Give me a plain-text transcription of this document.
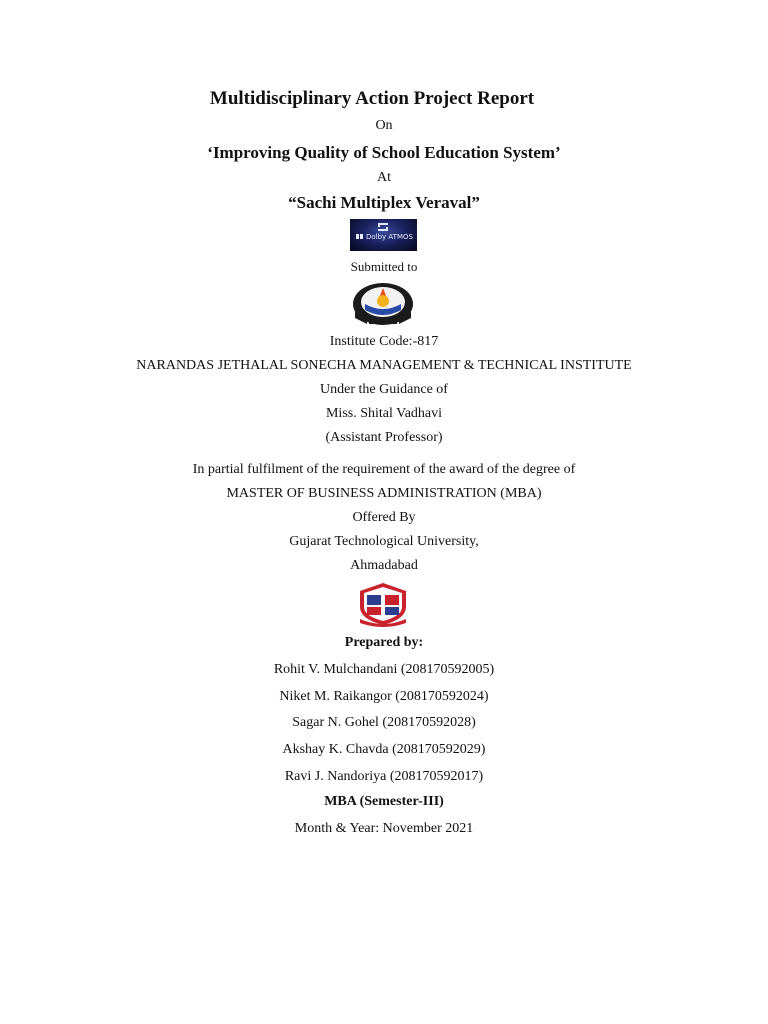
Multidisciplinary Action Project Report
On
‘Improving Quality of School Education System’
At
“Sachi Multiplex Veraval”
Dolby ATMOS
Submitted to
Institute Code:-817
NARANDAS JETHALAL SONECHA MANAGEMENT & TECHNICAL INSTITUTE
Under the Guidance of
Miss. Shital Vadhavi
(Assistant Professor)
In partial fulfilment of the requirement of the award of the degree of
MASTER OF BUSINESS ADMINISTRATION (MBA)
Offered By
Gujarat Technological University,
Ahmadabad
Prepared by:
Rohit V. Mulchandani (208170592005)
Niket M. Raikangor (208170592024)
Sagar N. Gohel (208170592028)
Akshay K. Chavda (208170592029)
Ravi J. Nandoriya (208170592017)
MBA (Semester-III)
Month & Year: November 2021
